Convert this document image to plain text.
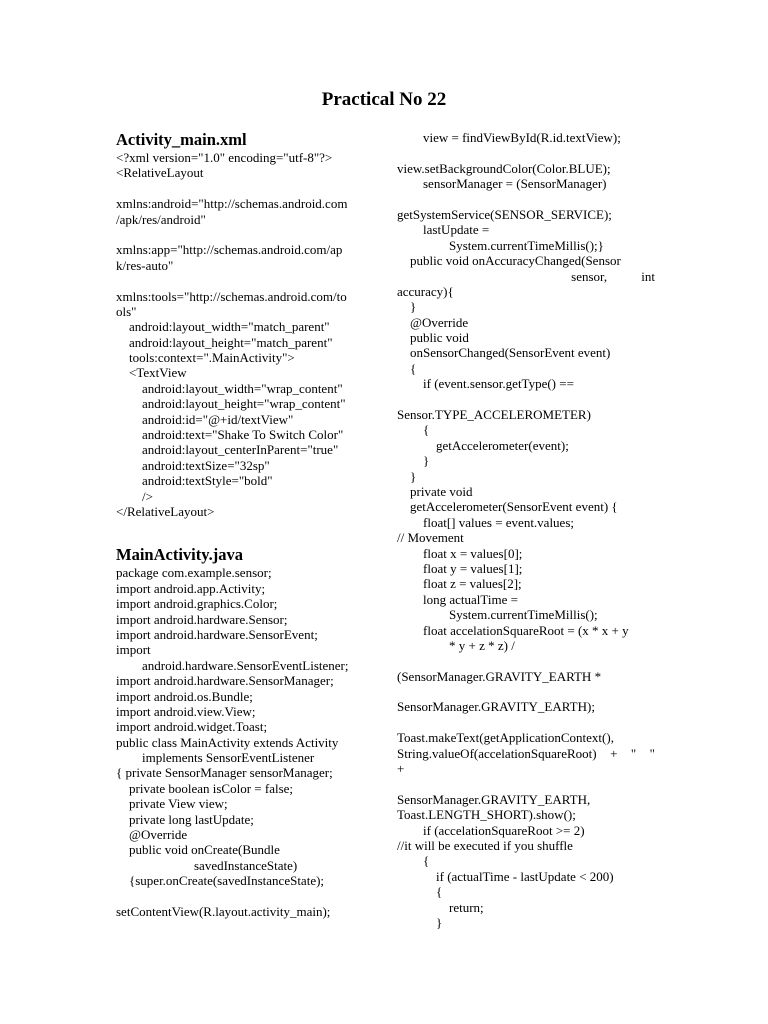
Practical No 22
Activity_main.xml
<?xml version="1.0" encoding="utf-8"?>
<RelativeLayout
xmlns:android="http://schemas.android.com
/apk/res/android"
xmlns:app="http://schemas.android.com/ap
k/res-auto"
xmlns:tools="http://schemas.android.com/to
ols"
android:layout_width="match_parent"
android:layout_height="match_parent"
tools:context=".MainActivity">
<TextView
android:layout_width="wrap_content"
android:layout_height="wrap_content"
android:id="@+id/textView"
android:text="Shake To Switch Color"
android:layout_centerInParent="true"
android:textSize="32sp"
android:textStyle="bold"
/>
</RelativeLayout>
MainActivity.java
package com.example.sensor;
import android.app.Activity;
import android.graphics.Color;
import android.hardware.Sensor;
import android.hardware.SensorEvent;
import
android.hardware.SensorEventListener;
import android.hardware.SensorManager;
import android.os.Bundle;
import android.view.View;
import android.widget.Toast;
public class MainActivity extends Activity
implements SensorEventListener
{ private SensorManager sensorManager;
private boolean isColor = false;
private View view;
private long lastUpdate;
@Override
public void onCreate(Bundle
savedInstanceState)
{super.onCreate(savedInstanceState);
setContentView(R.layout.activity_main);
view = findViewById(R.id.textView);
view.setBackgroundColor(Color.BLUE);
sensorManager = (SensorManager)
getSystemService(SENSOR_SERVICE);
lastUpdate =
System.currentTimeMillis();}
public void onAccuracyChanged(Sensor

sensor,	int
accuracy){
}
@Override
public void
onSensorChanged(SensorEvent event)
{
if (event.sensor.getType() ==
Sensor.TYPE_ACCELEROMETER)
{
getAccelerometer(event);
}
}
private void
getAccelerometer(SensorEvent event) {
float[] values = event.values;
// Movement
float x = values[0];
float y = values[1];
float z = values[2];
long actualTime =
System.currentTimeMillis();
float accelationSquareRoot = (x * x + y
* y + z * z) /
(SensorManager.GRAVITY_EARTH *
SensorManager.GRAVITY_EARTH);
Toast.makeText(getApplicationContext(),
String.valueOf(accelationSquareRoot) + " "
+
SensorManager.GRAVITY_EARTH,
Toast.LENGTH_SHORT).show();
if (accelationSquareRoot >= 2)
//it will be executed if you shuffle
{
if (actualTime - lastUpdate < 200)
{
return;
}
